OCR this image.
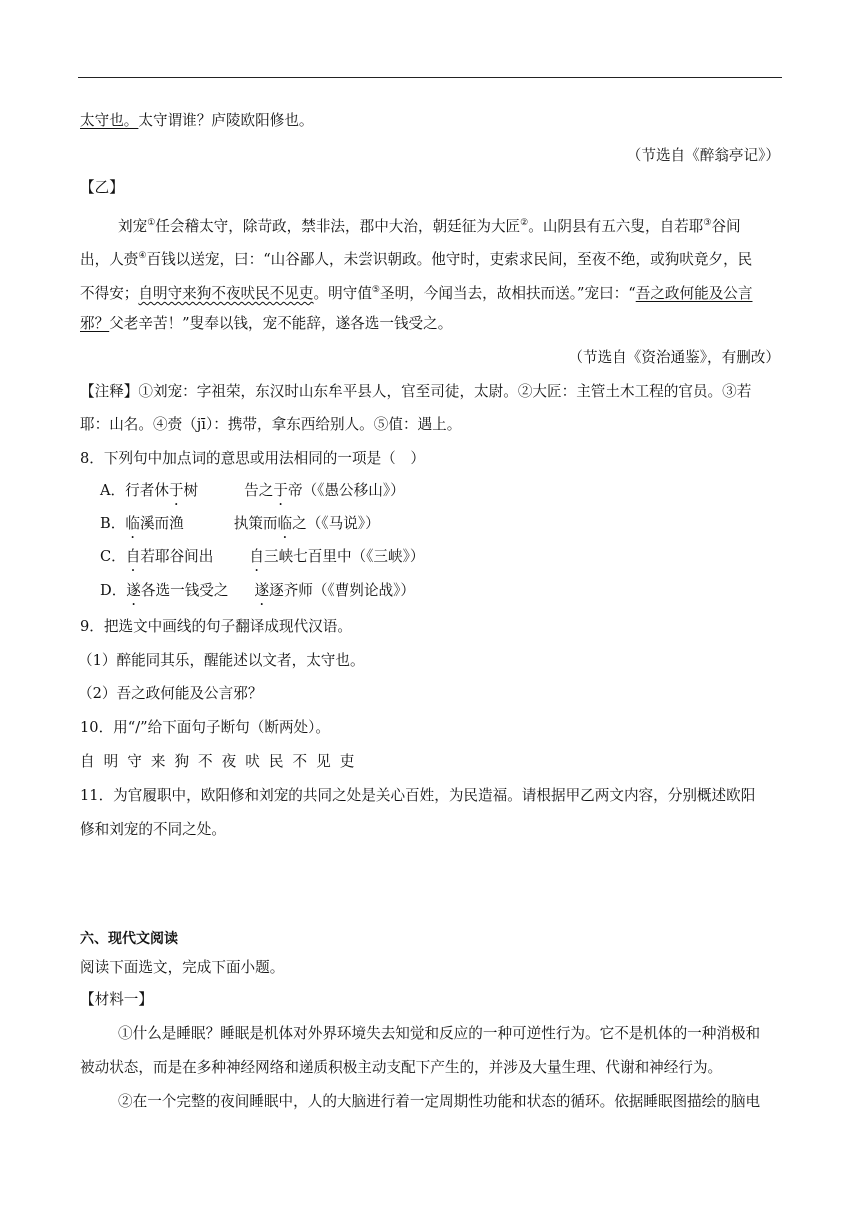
太守也。太守谓谁？庐陵欧阳修也。
（节选自《醉翁亭记》）
【乙】
刘宠①任会稽太守，除苛政，禁非法，郡中大治，朝廷征为大匠②。山阴县有五六叟，自若耶③谷间
出，人赍④百钱以送宠，曰：“山谷鄙人，未尝识朝政。他守时，吏索求民间，至夜不绝，或狗吠竟夕，民
不得安；自明守来狗不夜吠民不见吏。明守值⑤圣明，今闻当去，故相扶而送。”宠曰：“吾之政何能及公言
邪？父老辛苦！”叟奉以钱，宠不能辞，遂各选一钱受之。
（节选自《资治通鉴》，有删改）
【注释】①刘宠：字祖荣，东汉时山东牟平县人，官至司徒，太尉。②大匠：主管土木工程的官员。③若
耶：山名。④赍（jī）：携带，拿东西给别人。⑤值：遇上。
8．下列句中加点词的意思或用法相同的一项是（　）
A．行者休于树	告之于帝（《愚公移山》）
B．临溪而渔	执策而临之（《马说》）
C．自若耶谷间出 自三峡七百里中（《三峡》）
D．遂各选一钱受之 遂逐齐师（《曹刿论战》）
9．把选文中画线的句子翻译成现代汉语。
（1）醉能同其乐，醒能述以文者，太守也。
（2）吾之政何能及公言邪？
10．用“/”给下面句子断句（断两处）。
自 明 守 来 狗 不 夜 吠 民 不 见 吏
11．为官履职中，欧阳修和刘宠的共同之处是关心百姓，为民造福。请根据甲乙两文内容，分别概述欧阳
修和刘宠的不同之处。
六、现代文阅读
阅读下面选文，完成下面小题。
【材料一】
①什么是睡眠？睡眠是机体对外界环境失去知觉和反应的一种可逆性行为。它不是机体的一种消极和
被动状态，而是在多种神经网络和递质积极主动支配下产生的，并涉及大量生理、代谢和神经行为。
②在一个完整的夜间睡眠中，人的大脑进行着一定周期性功能和状态的循环。依据睡眠图描绘的脑电
